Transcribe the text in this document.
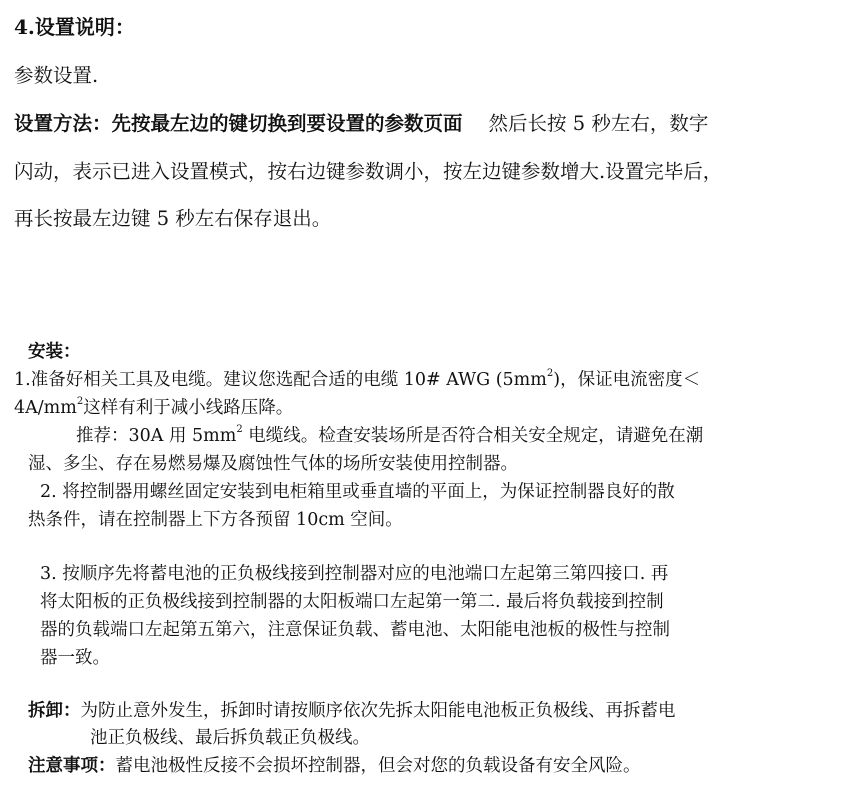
4.设置说明：

参数设置.

设置方法：先按最左边的键切换到要设置的参数页面 然后长按 5 秒左右，数字

闪动，表示已进入设置模式，按右边键参数调小，按左边键参数增大.设置完毕后，

再长按最左边键 5 秒左右保存退出。

安装：

1.准备好相关工具及电缆。建议您选配合适的电缆 10# AWG $(5mm^2)$，保证电流密度＜

$4A/mm^2$这样有利于减小线路压降。

推荐：30A 用 $5mm^2$ 电缆线。检查安装场所是否符合相关安全规定，请避免在潮

湿、多尘、存在易燃易爆及腐蚀性气体的场所安装使用控制器。

2. 将控制器用螺丝固定安装到电柜箱里或垂直墙的平面上，为保证控制器良好的散

热条件，请在控制器上下方各预留 10cm 空间。

3. 按顺序先将蓄电池的正负极线接到控制器对应的电池端口左起第三第四接口. 再

将太阳板的正负极线接到控制器的太阳板端口左起第一第二. 最后将负载接到控制

器的负载端口左起第五第六，注意保证负载、蓄电池、太阳能电池板的极性与控制

器一致。

拆卸：为防止意外发生，拆卸时请按顺序依次先拆太阳能电池板正负极线、再拆蓄电

池正负极线、最后拆负载正负极线。

注意事项：蓄电池极性反接不会损坏控制器，但会对您的负载设备有安全风险。
